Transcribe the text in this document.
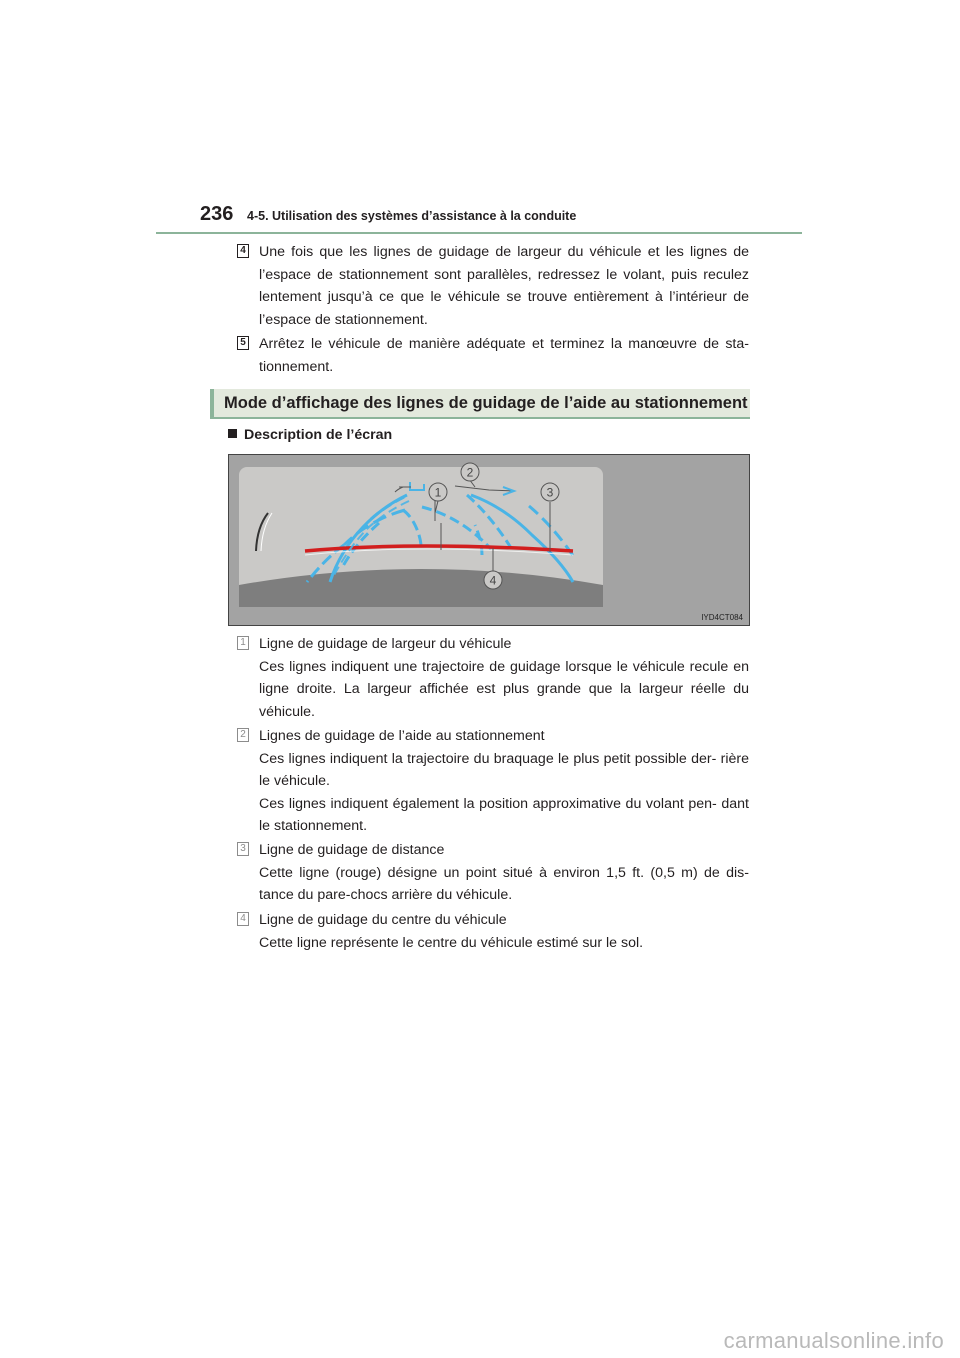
236 4-5. Utilisation des systèmes d’assistance à la conduite
4 Une fois que les lignes de guidage de largeur du véhicule et les lignes de l’espace de stationnement sont parallèles, redressez le volant, puis reculez lentement jusqu’à ce que le véhicule se trouve entièrement à l’intérieur de l’espace de stationnement.
5 Arrêtez le véhicule de manière adéquate et terminez la manœuvre de sta- tionnement.
Mode d’affichage des lignes de guidage de l’aide au stationnement
Description de l’écran
1
2
3
4
IYD4CT084
1 Ligne de guidage de largeur du véhicule

Ces lignes indiquent une trajectoire de guidage lorsque le véhicule recule en ligne droite. La largeur affichée est plus grande que la largeur réelle du véhicule.

2 Lignes de guidage de l’aide au stationnement

Ces lignes indiquent la trajectoire du braquage le plus petit possible der- rière le véhicule.

Ces lignes indiquent également la position approximative du volant pen- dant le stationnement.

3 Ligne de guidage de distance

Cette ligne (rouge) désigne un point situé à environ 1,5 ft. (0,5 m) de dis- tance du pare-chocs arrière du véhicule.

4 Ligne de guidage du centre du véhicule

Cette ligne représente le centre du véhicule estimé sur le sol.

carmanualsonline.info
